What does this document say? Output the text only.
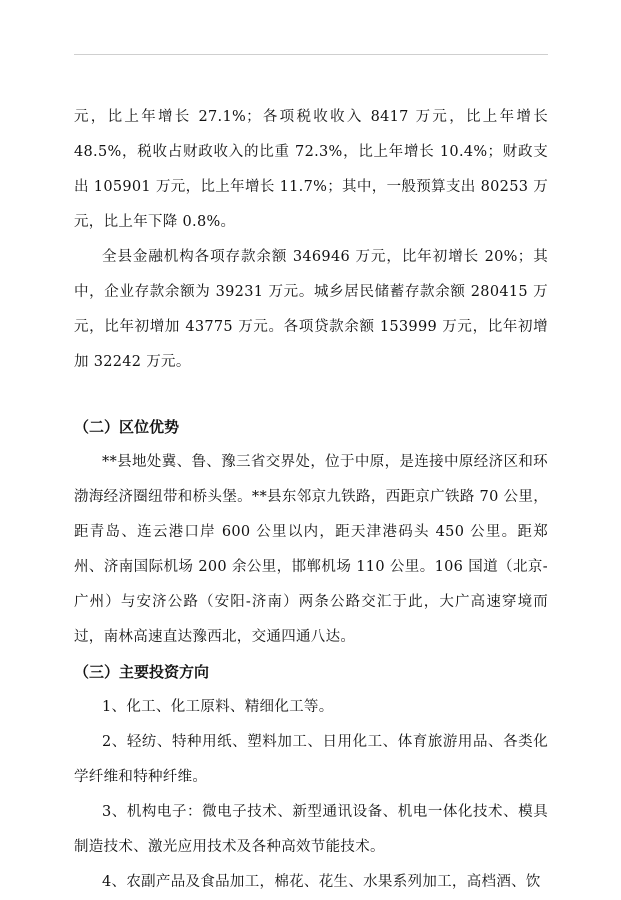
元，比上年增长 27.1%；各项税收收入 8417 万元，比上年增长 48.5%，税收占财政收入的比重 72.3%，比上年增长 10.4%；财政支出 105901 万元，比上年增长 11.7%；其中，一般预算支出 80253 万元，比上年下降 0.8%。

全县金融机构各项存款余额 346946 万元，比年初增长 20%；其中，企业存款余额为 39231 万元。城乡居民储蓄存款余额 280415 万元，比年初增加 43775 万元。各项贷款余额 153999 万元，比年初增加 32242 万元。

（二）区位优势

**县地处冀、鲁、豫三省交界处，位于中原，是连接中原经济区和环渤海经济圈纽带和桥头堡。**县东邻京九铁路，西距京广铁路 70 公里，距青岛、连云港口岸 600 公里以内，距天津港码头 450 公里。距郑州、济南国际机场 200 余公里，邯郸机场 110 公里。106 国道（北京-广州）与安济公路（安阳-济南）两条公路交汇于此，大广高速穿境而过，南林高速直达豫西北，交通四通八达。

（三）主要投资方向

1、化工、化工原料、精细化工等。

2、轻纺、特种用纸、塑料加工、日用化工、体育旅游用品、各类化学纤维和特种纤维。

3、机构电子：微电子技术、新型通讯设备、机电一体化技术、模具制造技术、激光应用技术及各种高效节能技术。

4、农副产品及食品加工，棉花、花生、水果系列加工，高档酒、饮
